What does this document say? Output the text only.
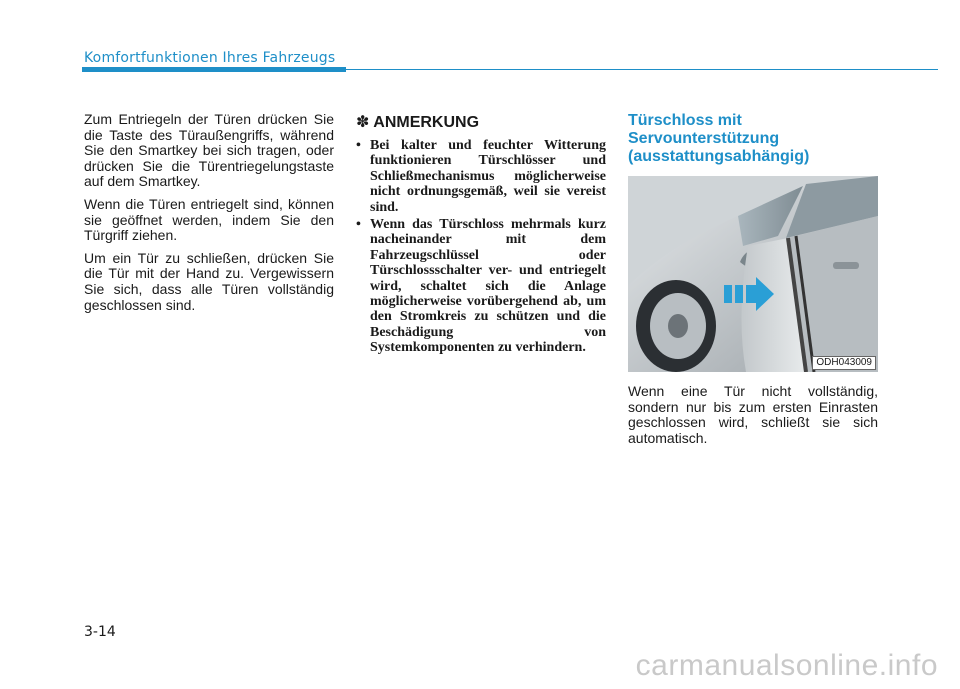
Komfortfunktionen Ihres Fahrzeugs

Zum Entriegeln der Türen drücken Sie die Taste des Türaußengriffs, während Sie den Smartkey bei sich tragen, oder drücken Sie die Türentriegelungstaste auf dem Smartkey.

Wenn die Türen entriegelt sind, können sie geöffnet werden, indem Sie den Türgriff ziehen.

Um ein Tür zu schließen, drücken Sie die Tür mit der Hand zu. Vergewissern Sie sich, dass alle Türen vollständig geschlossen sind.

✽ ANMERKUNG
• Bei kalter und feuchter Witterung funktionieren Türschlösser und Schließmechanismus möglicherweise nicht ordnungsgemäß, weil sie vereist sind.
• Wenn das Türschloss mehrmals kurz nacheinander mit dem Fahrzeugschlüssel oder Türschlossschalter ver- und entriegelt wird, schaltet sich die Anlage möglicherweise vorübergehend ab, um den Stromkreis zu schützen und die Beschädigung von Systemkomponenten zu verhindern.
Türschloss mit Servounterstützung (ausstattungsabhängig)
ODH043009
Wenn eine Tür nicht vollständig, sondern nur bis zum ersten Einrasten geschlossen wird, schließt sie sich automatisch.
3-14
carmanualsonline.info
